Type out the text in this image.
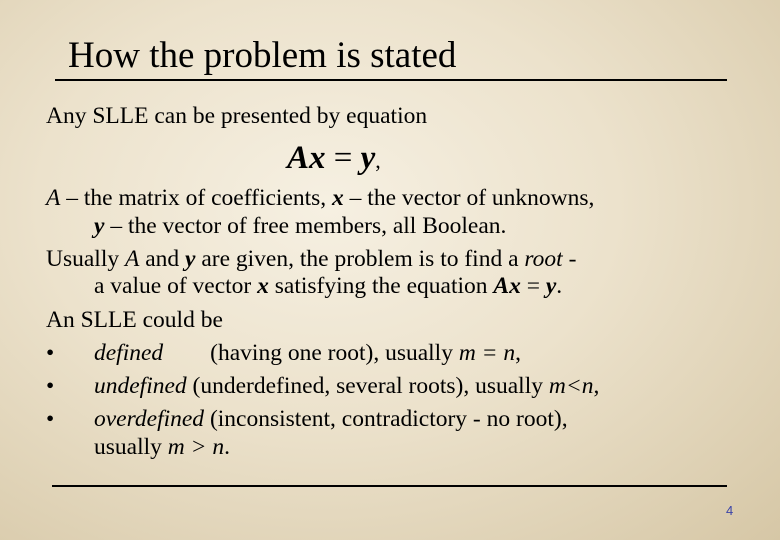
How the problem is stated
Any SLLE can be presented by equation
Ax = y,
A – the matrix of coefficients, x – the vector of unknowns,
y – the vector of free members, all Boolean.
Usually A and y are given, the problem is to find a root -
a value of vector x satisfying the equation Ax = y.
An SLLE could be
• defined (having one root), usually m = n,
• undefined (underdefined, several roots), usually m<n,
• overdefined (inconsistent, contradictory - no root),
usually m > n.
4
